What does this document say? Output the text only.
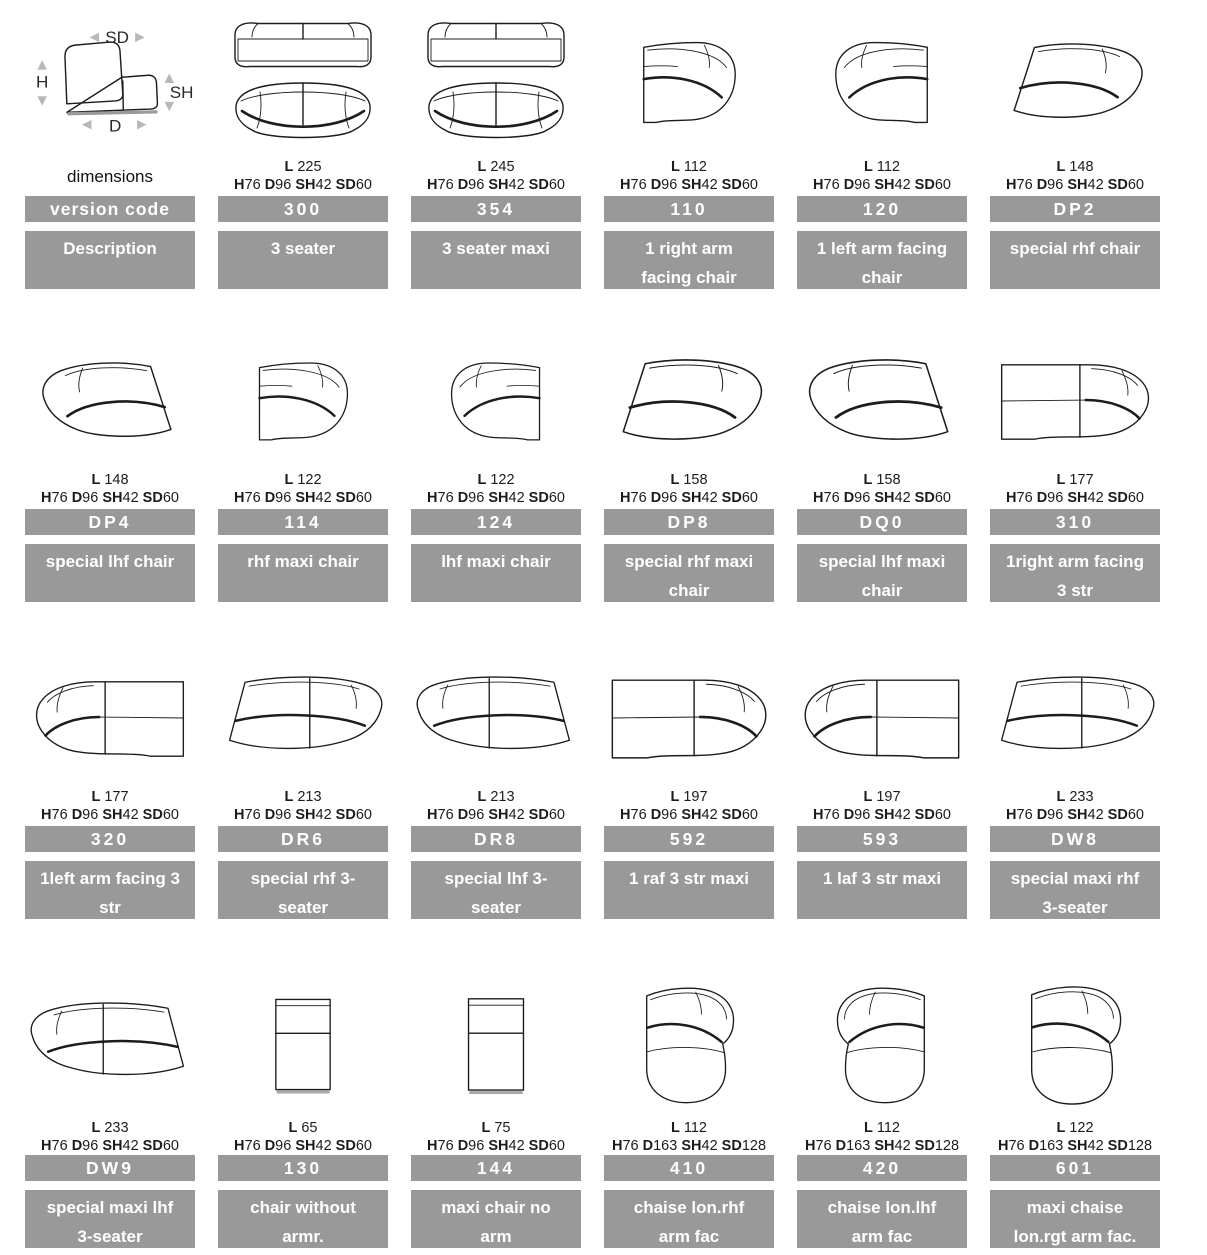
SD
H
SH
D
dimensions
version code
Description
L 225
H76 D96 SH42 SD60
300
3 seater
L 245
H76 D96 SH42 SD60
354
3 seater maxi
L 112
H76 D96 SH42 SD60
110
1 right arm
facing chair
L 112
H76 D96 SH42 SD60
120
1 left arm facing
chair
L 148
H76 D96 SH42 SD60
DP2
special rhf chair
L 148
H76 D96 SH42 SD60
DP4
special lhf chair
L 122
H76 D96 SH42 SD60
114
rhf maxi chair
L 122
H76 D96 SH42 SD60
124
lhf maxi chair
L 158
H76 D96 SH42 SD60
DP8
special rhf maxi
chair
L 158
H76 D96 SH42 SD60
DQ0
special lhf maxi
chair
L 177
H76 D96 SH42 SD60
310
1right arm facing
3 str
L 177
H76 D96 SH42 SD60
320
1left arm facing 3
str
L 213
H76 D96 SH42 SD60
DR6
special rhf 3-
seater
L 213
H76 D96 SH42 SD60
DR8
special lhf 3-
seater
L 197
H76 D96 SH42 SD60
592
1 raf 3 str maxi
L 197
H76 D96 SH42 SD60
593
1 laf 3 str maxi
L 233
H76 D96 SH42 SD60
DW8
special maxi rhf
3-seater
L 233
H76 D96 SH42 SD60
DW9
special maxi lhf
3-seater
L 65
H76 D96 SH42 SD60
130
chair without
armr.
L 75
H76 D96 SH42 SD60
144
maxi chair no
arm
L 112
H76 D163 SH42 SD128
410
chaise lon.rhf
arm fac
L 112
H76 D163 SH42 SD128
420
chaise lon.lhf
arm fac
L 122
H76 D163 SH42 SD128
601
maxi chaise
lon.rgt arm fac.
